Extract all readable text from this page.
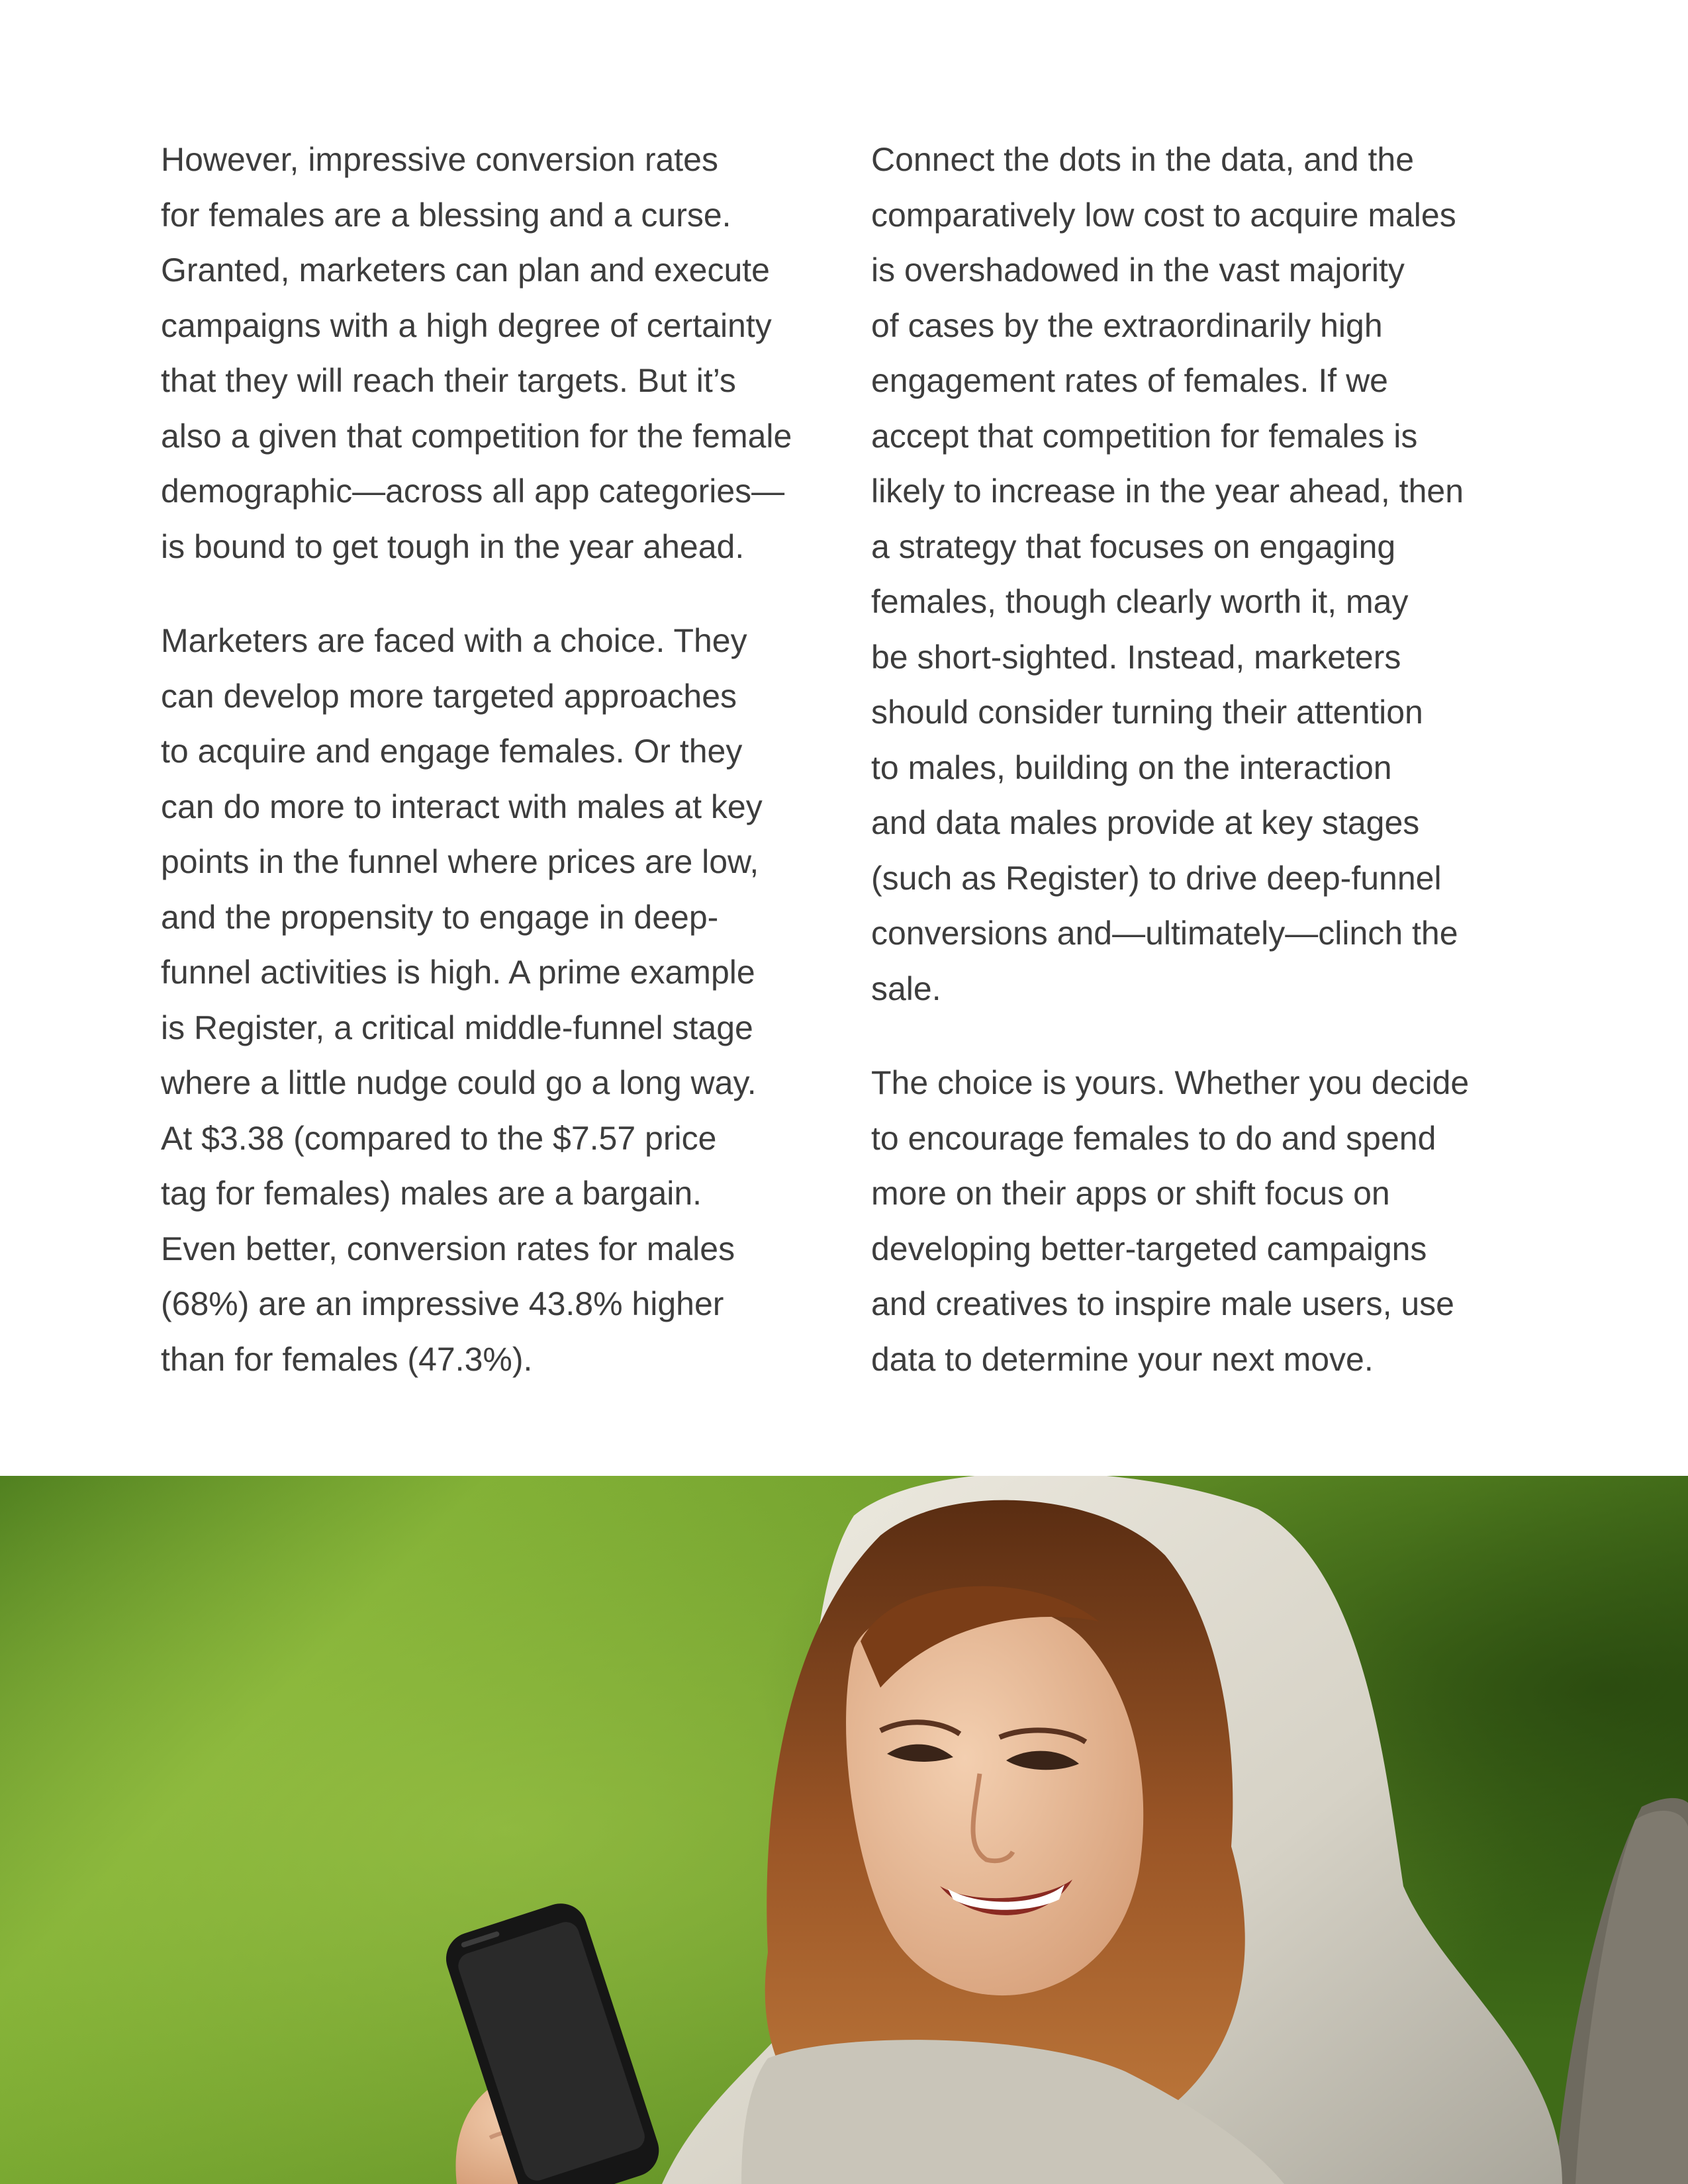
However, impressive conversion rates
for females are a blessing and a curse.
Granted, marketers can plan and execute
campaigns with a high degree of certainty
that they will reach their targets. But it’s
also a given that competition for the female
demographic—across all app categories—
is bound to get tough in the year ahead.

Marketers are faced with a choice. They
can develop more targeted approaches
to acquire and engage females. Or they
can do more to interact with males at key
points in the funnel where prices are low,
and the propensity to engage in deep-
funnel activities is high. A prime example
is Register, a critical middle-funnel stage
where a little nudge could go a long way.
At $3.38 (compared to the $7.57 price
tag for females) males are a bargain.
Even better, conversion rates for males
(68%) are an impressive 43.8% higher
than for females (47.3%).

Connect the dots in the data, and the
comparatively low cost to acquire males
is overshadowed in the vast majority
of cases by the extraordinarily high
engagement rates of females. If we
accept that competition for females is
likely to increase in the year ahead, then
a strategy that focuses on engaging
females, though clearly worth it, may
be short-sighted. Instead, marketers
should consider turning their attention
to males, building on the interaction
and data males provide at key stages
(such as Register) to drive deep-funnel
conversions and—ultimately—clinch the
sale.

The choice is yours. Whether you decide
to encourage females to do and spend
more on their apps or shift focus on
developing better-targeted campaigns
and creatives to inspire male users, use
data to determine your next move.
